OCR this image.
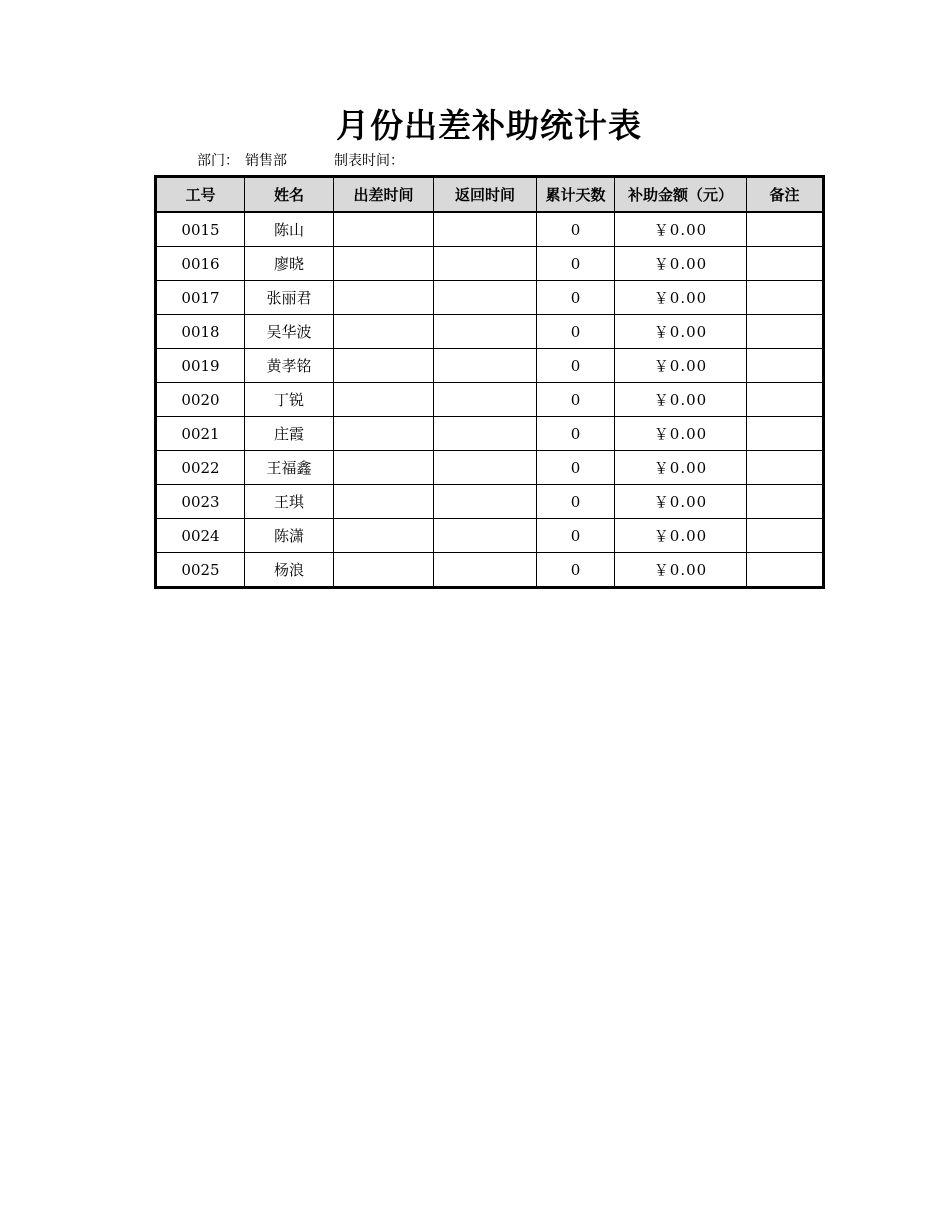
月份出差补助统计表
部门： 销售部	制表时间：
工号	姓名	出差时间	返回时间	累计天数	补助金额（元）	备注
0015	陈山			0	￥0.00	
0016	廖晓			0	￥0.00	
0017	张丽君			0	￥0.00	
0018	吴华波			0	￥0.00	
0019	黄孝铭			0	￥0.00	
0020	丁锐			0	￥0.00	
0021	庄霞			0	￥0.00	
0022	王福鑫			0	￥0.00	
0023	王琪			0	￥0.00	
0024	陈潇			0	￥0.00	
0025	杨浪			0	￥0.00	
